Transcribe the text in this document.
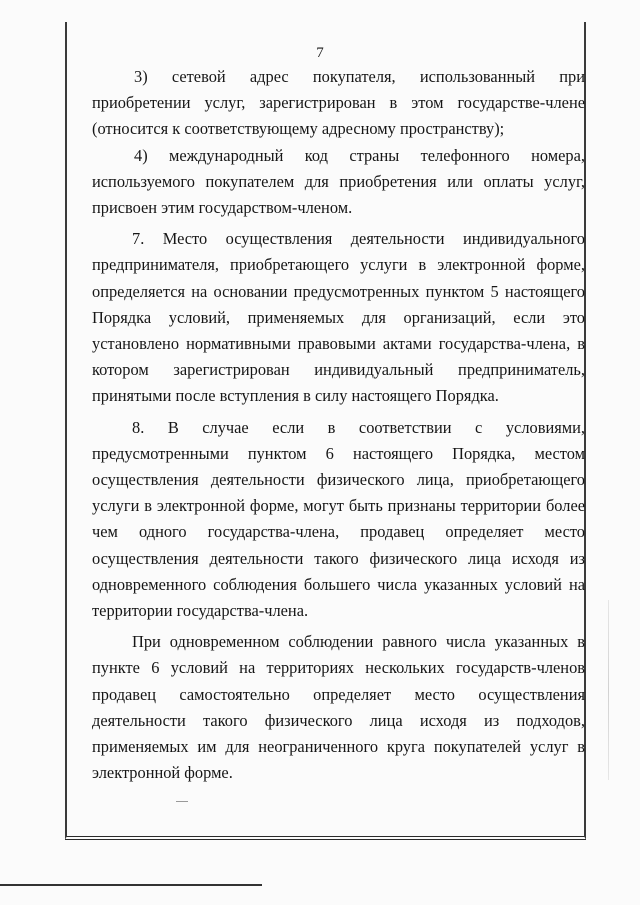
7

3) сетевой адрес покупателя, использованный при приобретении услуг, зарегистрирован в этом государстве-члене (относится к соответствующему адресному пространству);

4) международный код страны телефонного номера, используемого покупателем для приобретения или оплаты услуг, присвоен этим государством-членом.

7. Место осуществления деятельности индивидуального предпринимателя, приобретающего услуги в электронной форме, определяется на основании предусмотренных пунктом 5 настоящего Порядка условий, применяемых для организаций, если это установлено нормативными правовыми актами государства-члена, в котором зарегистрирован индивидуальный предприниматель, принятыми после вступления в силу настоящего Порядка.

8. В случае если в соответствии с условиями, предусмотренными пунктом 6 настоящего Порядка, местом осуществления деятельности физического лица, приобретающего услуги в электронной форме, могут быть признаны территории более чем одного государства-члена, продавец определяет место осуществления деятельности такого физического лица исходя из одновременного соблюдения большего числа указанных условий на территории государства-члена.

При одновременном соблюдении равного числа указанных в пункте 6 условий на территориях нескольких государств-членов продавец самостоятельно определяет место осуществления деятельности такого физического лица исходя из подходов, применяемых им для неограниченного круга покупателей услуг в электронной форме.
